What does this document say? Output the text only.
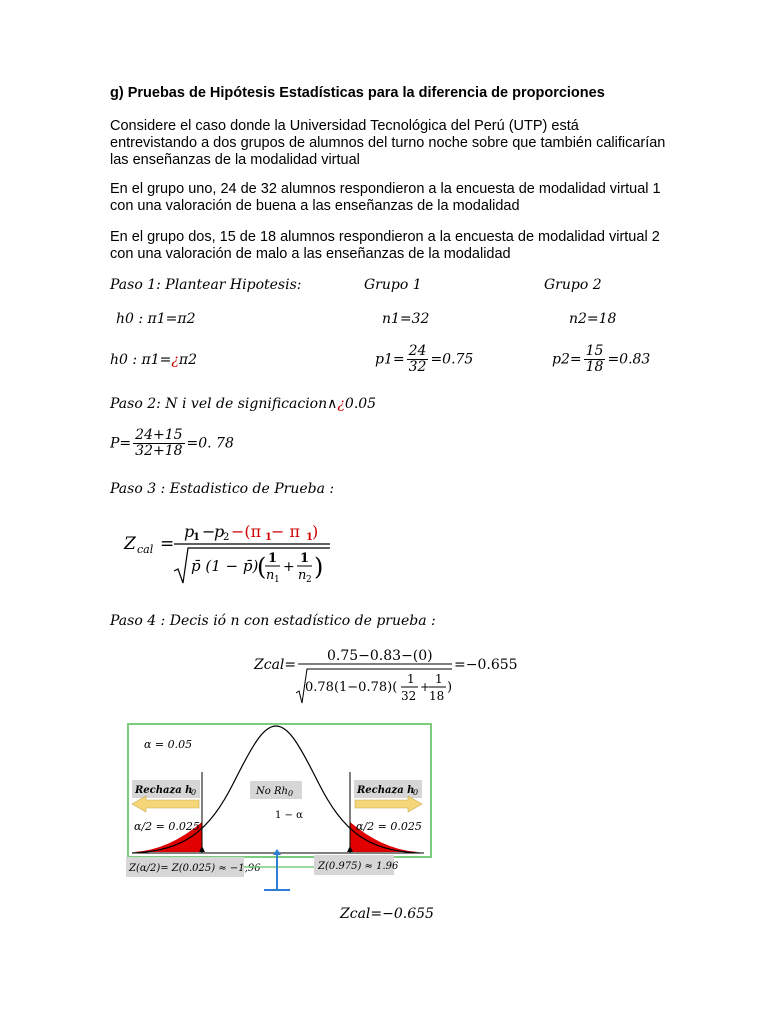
g) Pruebas de Hipótesis Estadísticas para la diferencia de proporciones
Considere el caso donde la Universidad Tecnológica del Perú (UTP) está
entrevistando a dos grupos de alumnos del turno noche sobre que también calificarían
las enseñanzas de la modalidad virtual
En el grupo uno, 24 de 32 alumnos respondieron a la encuesta de modalidad virtual 1
con una valoración de buena a las enseñanzas de la modalidad
En el grupo dos, 15 de 18 alumnos respondieron a la encuesta de modalidad virtual 2
con una valoración de malo a las enseñanzas de la modalidad
Paso 1: Plantear Hipotesis:	Grupo 1	Grupo 2
h0 : π1=π2	n1=32	n2=18
h0 : π1=¿π2	$p1= \frac{24}{32} =0.75$	$p2= \frac{15}{18} =0.83$
Paso 2: N i vel de significacion∧¿0.05
$P= \frac{24+15}{32+18} =0$. 78
Paso 3 : Estadistico de Prueba :
Z cal =
p
1 −
p
2 −(π 1 − π 1 )
p̄ (1 − p̄)
( 1
n 1
+
1
n 2 )
Paso 4 : Decis ió n con estadístico de prueba :
Zcal=
0.75−0.83−(0)
0.78(1−0.78)(
1
32
+
1
18
)
=−0.655
α = 0.05
Rechaza h
0	Rechaza h
0
No Rh 0
1 − α
α/2 = 0.025	α/2 = 0.025
Z(α/2)= Z(0.025) ≈ −1,96	Z(0.975) ≈ 1.96
Zcal=−0.655
